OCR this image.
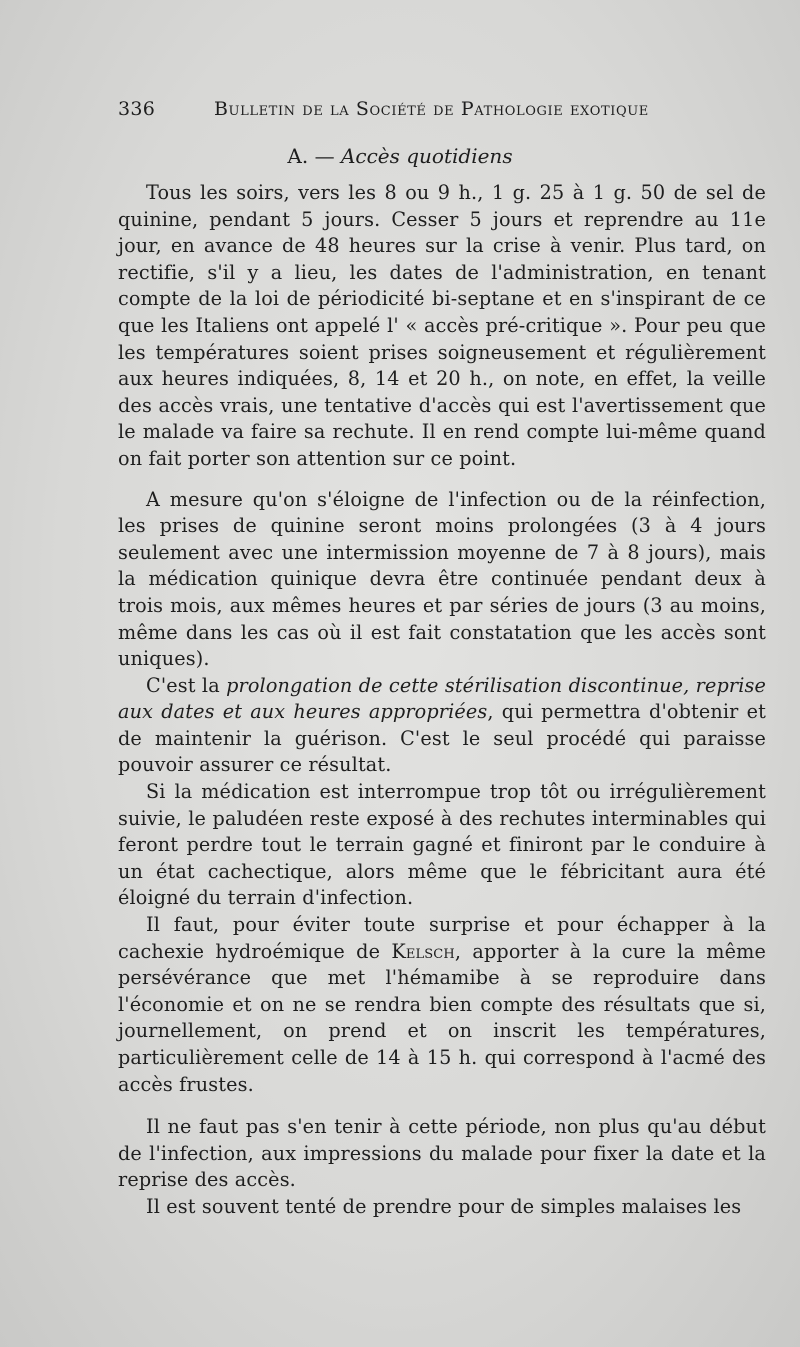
336	Bulletin de la Société de Pathologie exotique
A. — Accès quotidiens

Tous les soirs, vers les 8 ou 9 h., 1 g. 25 à 1 g. 50 de sel de quinine, pendant 5 jours. Cesser 5 jours et reprendre au 11e jour, en avance de 48 heures sur la crise à venir. Plus tard, on rectifie, s'il y a lieu, les dates de l'administration, en tenant compte de la loi de périodicité bi-septane et en s'inspirant de ce que les Italiens ont appelé l' « accès pré-critique ». Pour peu que les températures soient prises soigneusement et régulièrement aux heures indiquées, 8, 14 et 20 h., on note, en effet, la veille des accès vrais, une tentative d'accès qui est l'avertissement que le malade va faire sa rechute. Il en rend compte lui-même quand on fait porter son attention sur ce point.

A mesure qu'on s'éloigne de l'infection ou de la réinfection, les prises de quinine seront moins prolongées (3 à 4 jours seulement avec une intermission moyenne de 7 à 8 jours), mais la médication quinique devra être continuée pendant deux à trois mois, aux mêmes heures et par séries de jours (3 au moins, même dans les cas où il est fait constatation que les accès sont uniques).

C'est la prolongation de cette stérilisation discontinue, reprise aux dates et aux heures appropriées, qui permettra d'obtenir et de maintenir la guérison. C'est le seul procédé qui paraisse pouvoir assurer ce résultat.

Si la médication est interrompue trop tôt ou irrégulièrement suivie, le paludéen reste exposé à des rechutes interminables qui feront perdre tout le terrain gagné et finiront par le conduire à un état cachectique, alors même que le fébricitant aura été éloigné du terrain d'infection.

Il faut, pour éviter toute surprise et pour échapper à la cachexie hydroémique de Kelsch, apporter à la cure la même persévérance que met l'hémamibe à se reproduire dans l'économie et on ne se rendra bien compte des résultats que si, journellement, on prend et on inscrit les températures, particulièrement celle de 14 à 15 h. qui correspond à l'acmé des accès frustes.

Il ne faut pas s'en tenir à cette période, non plus qu'au début de l'infection, aux impressions du malade pour fixer la date et la reprise des accès.

Il est souvent tenté de prendre pour de simples malaises les
